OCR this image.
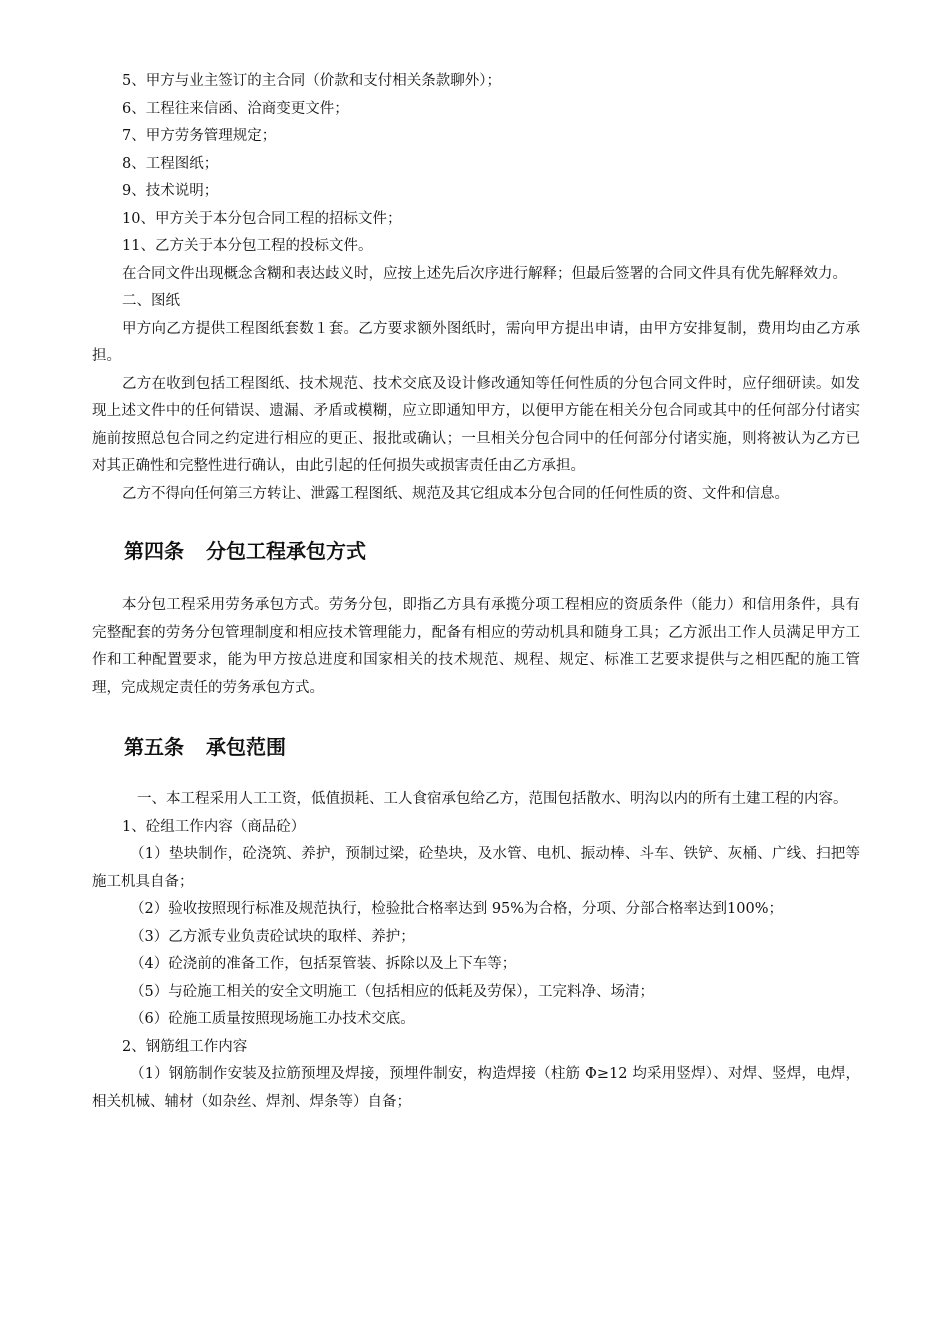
5、甲方与业主签订的主合同（价款和支付相关条款聊外）；

6、工程往来信函、洽商变更文件；

7、甲方劳务管理规定；

8、工程图纸；

9、技术说明；

10、甲方关于本分包合同工程的招标文件；

11、乙方关于本分包工程的投标文件。

在合同文件出现概念含糊和表达歧义时，应按上述先后次序进行解释；但最后签署的合同文件具有优先解释效力。

二、图纸

甲方向乙方提供工程图纸套数１套。乙方要求额外图纸时，需向甲方提出申请，由甲方安排复制，费用均由乙方承担。

乙方在收到包括工程图纸、技术规范、技术交底及设计修改通知等任何性质的分包合同文件时，应仔细研读。如发现上述文件中的任何错误、遗漏、矛盾或模糊，应立即通知甲方，以便甲方能在相关分包合同或其中的任何部分付诸实施前按照总包合同之约定进行相应的更正、报批或确认；一旦相关分包合同中的任何部分付诸实施，则将被认为乙方已对其正确性和完整性进行确认，由此引起的任何损失或损害责任由乙方承担。

乙方不得向任何第三方转让、泄露工程图纸、规范及其它组成本分包合同的任何性质的资、文件和信息。

第四条 分包工程承包方式

本分包工程采用劳务承包方式。劳务分包，即指乙方具有承揽分项工程相应的资质条件（能力）和信用条件，具有完整配套的劳务分包管理制度和相应技术管理能力，配备有相应的劳动机具和随身工具；乙方派出工作人员满足甲方工作和工种配置要求，能为甲方按总进度和国家相关的技术规范、规程、规定、标准工艺要求提供与之相匹配的施工管理，完成规定责任的劳务承包方式。

第五条 承包范围

一、本工程采用人工工资，低值损耗、工人食宿承包给乙方，范围包括散水、明沟以内的所有土建工程的内容。

1、砼组工作内容（商品砼）

（1）垫块制作，砼浇筑、养护，预制过梁，砼垫块，及水管、电机、振动棒、斗车、铁铲、灰桶、广线、扫把等施工机具自备；

（2）验收按照现行标准及规范执行，检验批合格率达到 95%为合格，分项、分部合格率达到100%；

（3）乙方派专业负责砼试块的取样、养护；

（4）砼浇前的准备工作，包括泵管装、拆除以及上下车等；

（5）与砼施工相关的安全文明施工（包括相应的低耗及劳保），工完料净、场清；

（6）砼施工质量按照现场施工办技术交底。

2、钢筋组工作内容

（1）钢筋制作安装及拉筋预埋及焊接，预埋件制安，构造焊接（柱筋 Φ≥12 均采用竖焊）、对焊、竖焊，电焊，相关机械、辅材（如杂丝、焊剂、焊条等）自备；
